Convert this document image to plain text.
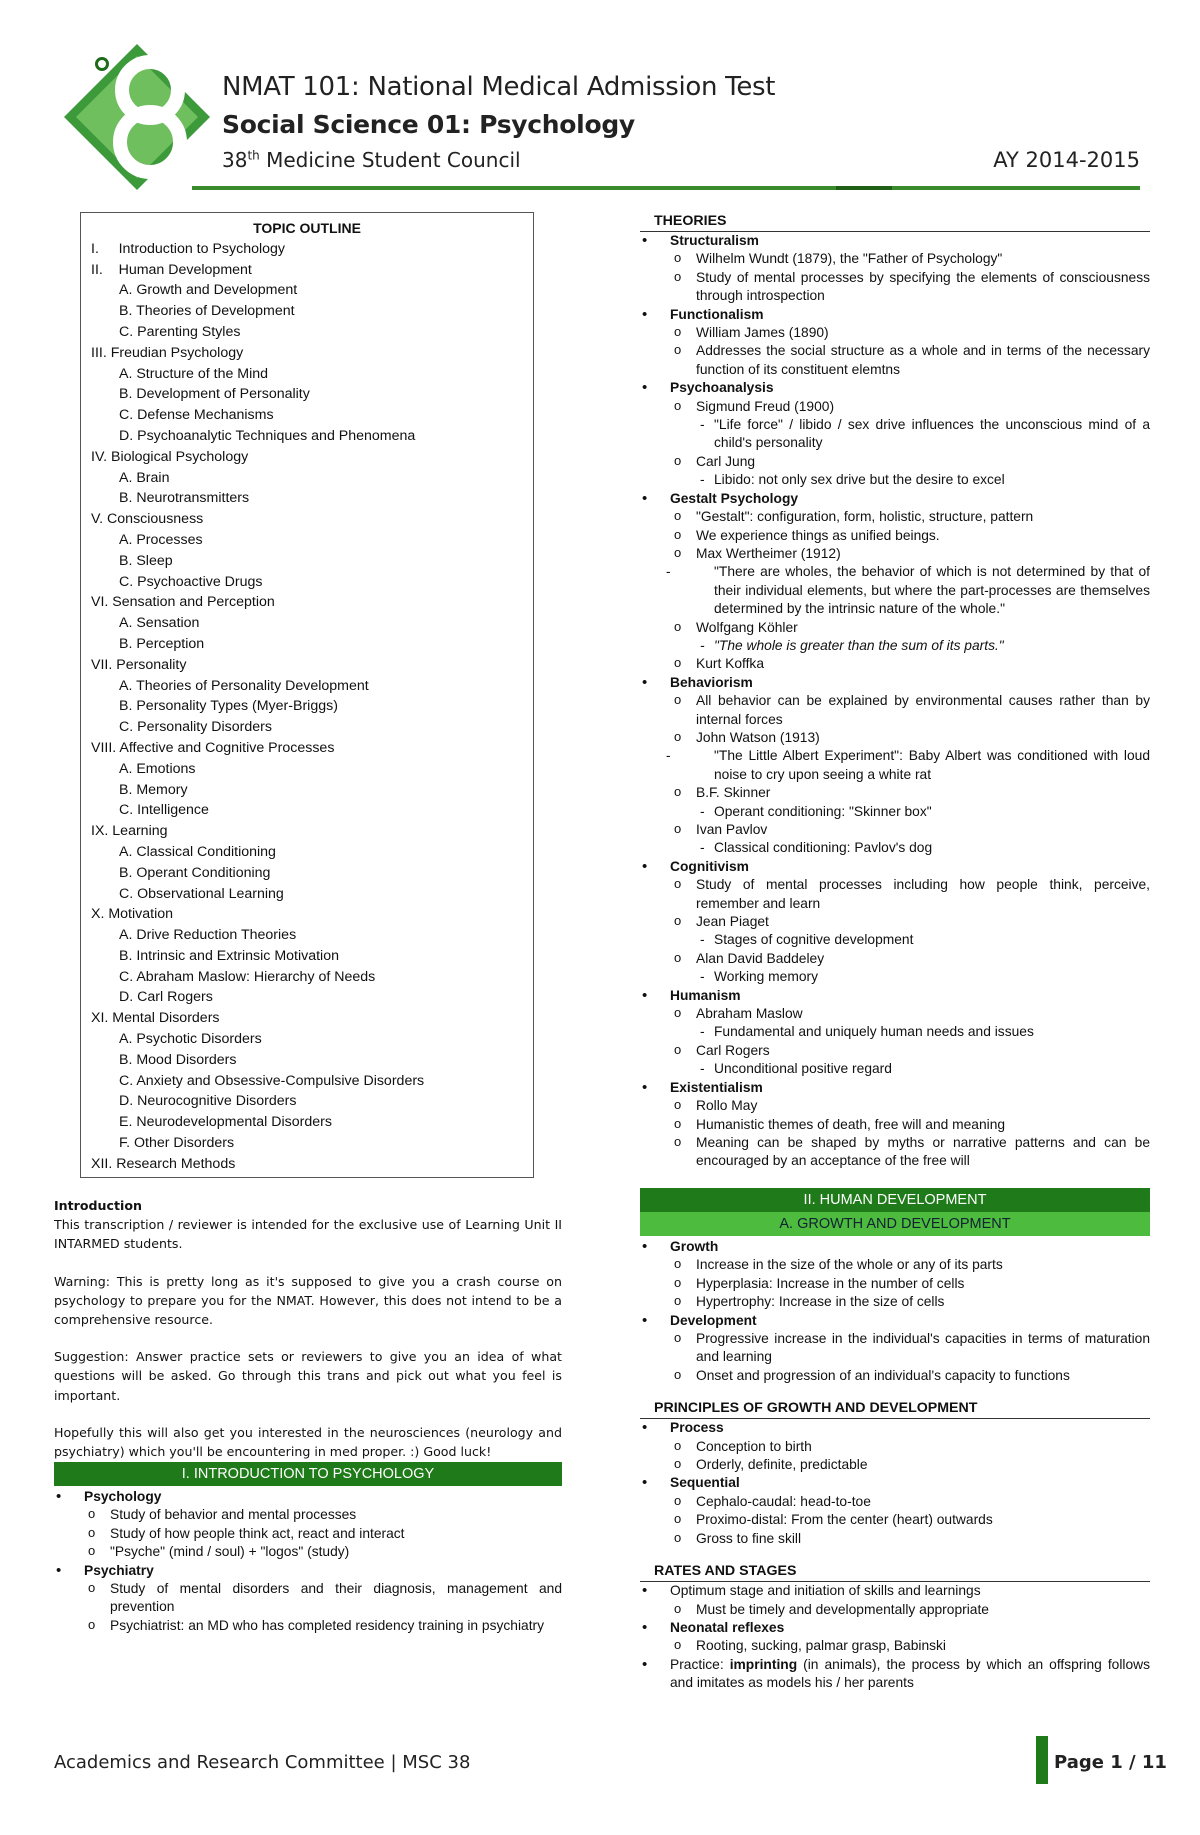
NMAT 101: National Medical Admission Test
Social Science 01: Psychology
38th Medicine Student Council	AY 2014-2015
TOPIC OUTLINE
I.     Introduction to Psychology
II.    Human Development
A. Growth and Development
B. Theories of Development
C. Parenting Styles
III. Freudian Psychology
A. Structure of the Mind
B. Development of Personality
C. Defense Mechanisms
D. Psychoanalytic Techniques and Phenomena
IV. Biological Psychology
A. Brain
B. Neurotransmitters
V. Consciousness
A. Processes
B. Sleep
C. Psychoactive Drugs
VI. Sensation and Perception
A. Sensation
B. Perception
VII. Personality
A. Theories of Personality Development
B. Personality Types (Myer-Briggs)
C. Personality Disorders
VIII. Affective and Cognitive Processes
A. Emotions
B. Memory
C. Intelligence
IX. Learning
A. Classical Conditioning
B. Operant Conditioning
C. Observational Learning
X. Motivation
A. Drive Reduction Theories
B. Intrinsic and Extrinsic Motivation
C. Abraham Maslow: Hierarchy of Needs
D. Carl Rogers
XI. Mental Disorders
A. Psychotic Disorders
B. Mood Disorders
C. Anxiety and Obsessive-Compulsive Disorders
D. Neurocognitive Disorders
E. Neurodevelopmental Disorders
F. Other Disorders
XII. Research Methods
Introduction

This transcription / reviewer is intended for the exclusive use of Learning Unit II INTARMED students.

Warning: This is pretty long as it's supposed to give you a crash course on psychology to prepare you for the NMAT. However, this does not intend to be a comprehensive resource.

Suggestion: Answer practice sets or reviewers to give you an idea of what questions will be asked. Go through this trans and pick out what you feel is important.

Hopefully this will also get you interested in the neurosciences (neurology and psychiatry) which you'll be encountering in med proper. :) Good luck!

I. INTRODUCTION TO PSYCHOLOGY
• Psychology
o Study of behavior and mental processes
o Study of how people think act, react and interact
o "Psyche" (mind / soul) + "logos" (study)
• Psychiatry
o Study of mental disorders and their diagnosis, management and prevention
o Psychiatrist: an MD who has completed residency training in psychiatry
THEORIES
• Structuralism
o Wilhelm Wundt (1879), the "Father of Psychology"
o Study of mental processes by specifying the elements of consciousness through introspection
• Functionalism
o William James (1890)
o Addresses the social structure as a whole and in terms of the necessary function of its constituent elemtns
• Psychoanalysis
o Sigmund Freud (1900)
- "Life force" / libido / sex drive influences the unconscious mind of a child's personality
o Carl Jung
- Libido: not only sex drive but the desire to excel
• Gestalt Psychology
o "Gestalt": configuration, form, holistic, structure, pattern
o We experience things as unified beings.
o Max Wertheimer (1912)
- "There are wholes, the behavior of which is not determined by that of their individual elements, but where the part-processes are themselves determined by the intrinsic nature of the whole."
o Wolfgang Köhler
- "The whole is greater than the sum of its parts."
o Kurt Koffka
• Behaviorism
o All behavior can be explained by environmental causes rather than by internal forces
o John Watson (1913)
- "The Little Albert Experiment": Baby Albert was conditioned with loud noise to cry upon seeing a white rat
o B.F. Skinner
- Operant conditioning: "Skinner box"
o Ivan Pavlov
- Classical conditioning: Pavlov's dog
• Cognitivism
o Study of mental processes including how people think, perceive, remember and learn
o Jean Piaget
- Stages of cognitive development
o Alan David Baddeley
- Working memory
• Humanism
o Abraham Maslow
- Fundamental and uniquely human needs and issues
o Carl Rogers
- Unconditional positive regard
• Existentialism
o Rollo May
o Humanistic themes of death, free will and meaning
o Meaning can be shaped by myths or narrative patterns and can be encouraged by an acceptance of the free will
II. HUMAN DEVELOPMENT
A. GROWTH AND DEVELOPMENT
• Growth
o Increase in the size of the whole or any of its parts
o Hyperplasia: Increase in the number of cells
o Hypertrophy: Increase in the size of cells
• Development
o Progressive increase in the individual's capacities in terms of maturation and learning
o Onset and progression of an individual's capacity to functions
PRINCIPLES OF GROWTH AND DEVELOPMENT
• Process
o Conception to birth
o Orderly, definite, predictable
• Sequential
o Cephalo-caudal: head-to-toe
o Proximo-distal: From the center (heart) outwards
o Gross to fine skill
RATES AND STAGES
• Optimum stage and initiation of skills and learnings
o Must be timely and developmentally appropriate
• Neonatal reflexes
o Rooting, sucking, palmar grasp, Babinski
• Practice: imprinting (in animals), the process by which an offspring follows and imitates as models his / her parents
Academics and Research Committee | MSC 38	Page 1 / 11
